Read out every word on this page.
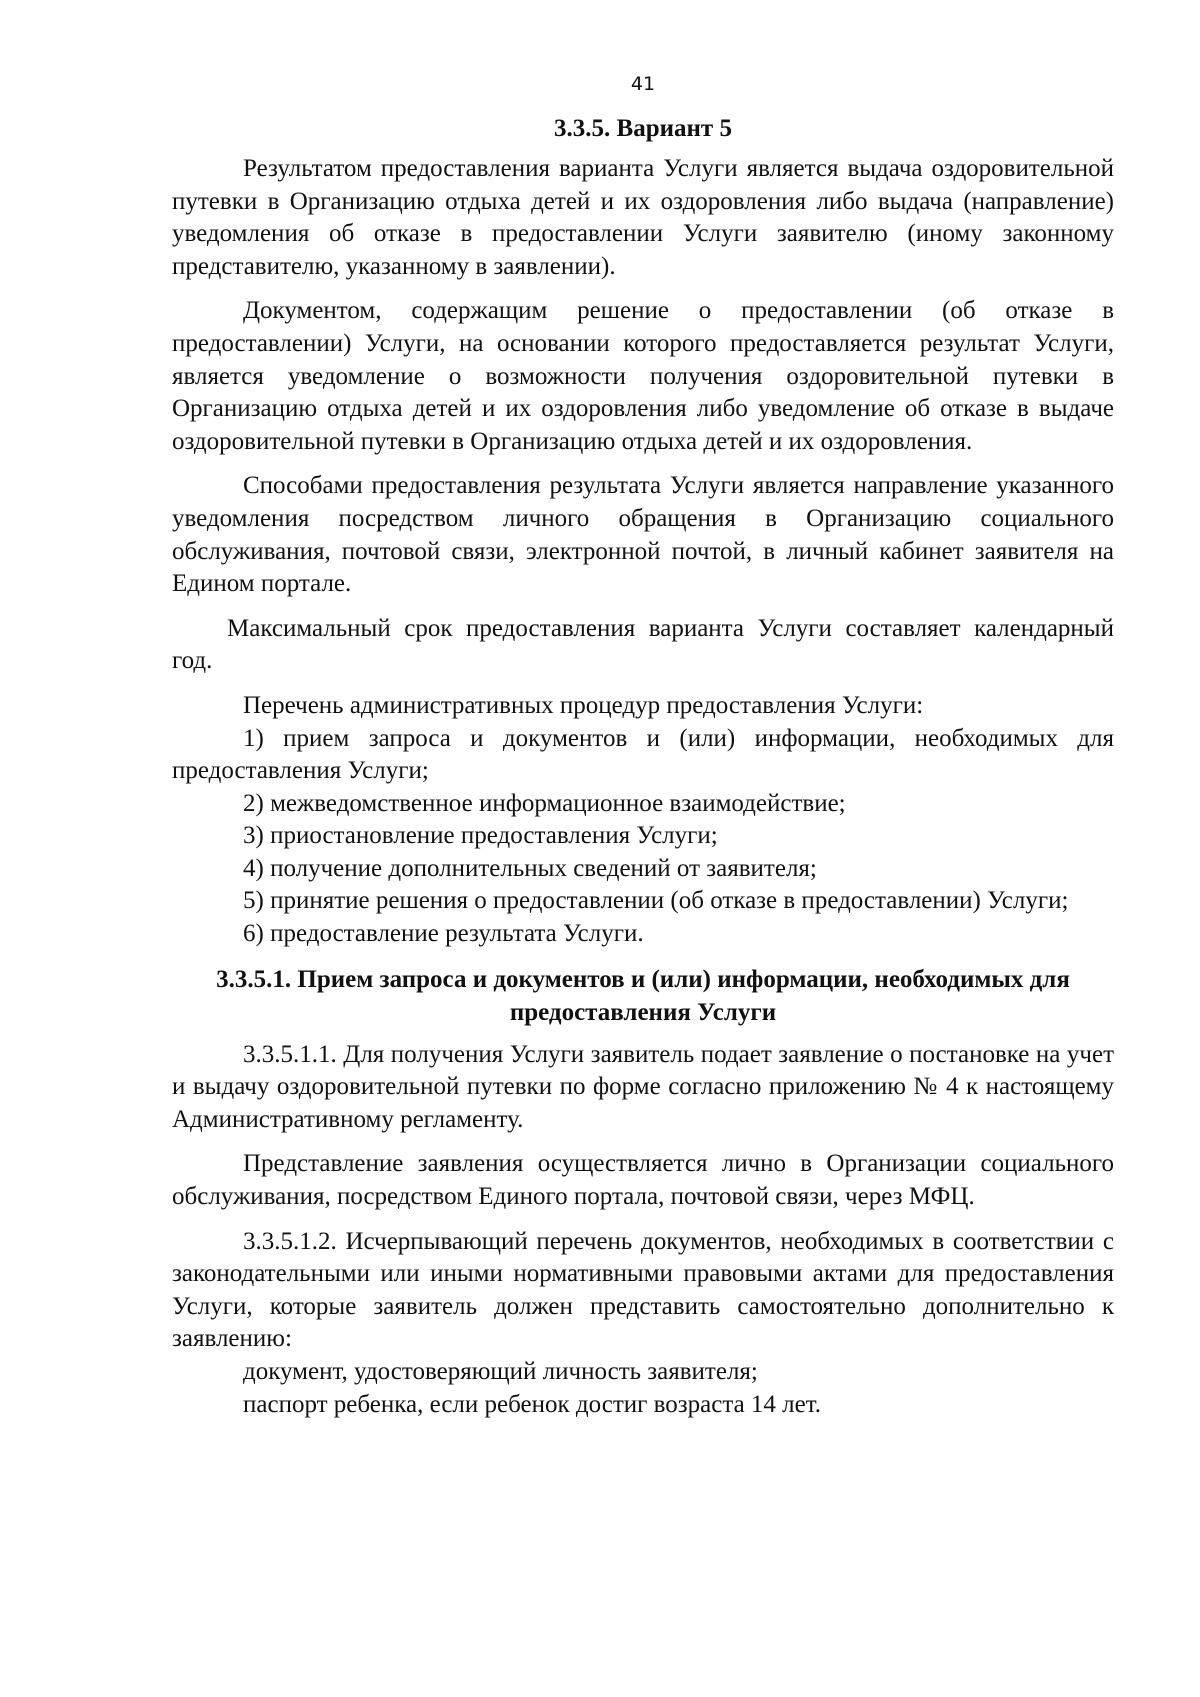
41
3.3.5. Вариант 5

Результатом предоставления варианта Услуги является выдача оздоровительной путевки в Организацию отдыха детей и их оздоровления либо выдача (направление) уведомления об отказе в предоставлении Услуги заявителю (иному законному представителю, указанному в заявлении).

Документом, содержащим решение о предоставлении (об отказе в предоставлении) Услуги, на основании которого предоставляется результат Услуги, является уведомление о возможности получения оздоровительной путевки в Организацию отдыха детей и их оздоровления либо уведомление об отказе в выдаче оздоровительной путевки в Организацию отдыха детей и их оздоровления.

Способами предоставления результата Услуги является направление указанного уведомления посредством личного обращения в Организацию социального обслуживания, почтовой связи, электронной почтой, в личный кабинет заявителя на Едином портале.

Максимальный срок предоставления варианта Услуги составляет календарный год.

Перечень административных процедур предоставления Услуги:

1) прием запроса и документов и (или) информации, необходимых для предоставления Услуги;

2) межведомственное информационное взаимодействие;

3) приостановление предоставления Услуги;

4) получение дополнительных сведений от заявителя;

5) принятие решения о предоставлении (об отказе в предоставлении) Услуги;

6) предоставление результата Услуги.

3.3.5.1. Прием запроса и документов и (или) информации, необходимых для предоставления Услуги

3.3.5.1.1. Для получения Услуги заявитель подает заявление о постановке на учет и выдачу оздоровительной путевки по форме согласно приложению № 4 к настоящему Административному регламенту.

Представление заявления осуществляется лично в Организации социального обслуживания, посредством Единого портала, почтовой связи, через МФЦ.

3.3.5.1.2. Исчерпывающий перечень документов, необходимых в соответствии с законодательными или иными нормативными правовыми актами для предоставления Услуги, которые заявитель должен представить самостоятельно дополнительно к заявлению:

документ, удостоверяющий личность заявителя;

паспорт ребенка, если ребенок достиг возраста 14 лет.
